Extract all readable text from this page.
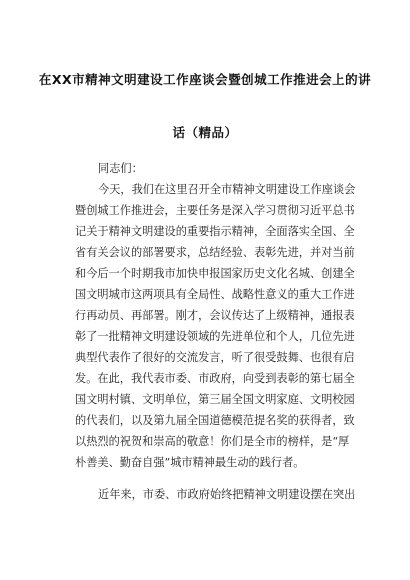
在XX市精神文明建设工作座谈会暨创城工作推进会上的讲
话（精品）
同志们：
今天，我们在这里召开全市精神文明建设工作座谈会
暨创城工作推进会，主要任务是深入学习贯彻习近平总书
记关于精神文明建设的重要指示精神，全面落实全国、全
省有关会议的部署要求，总结经验、表彰先进，并对当前
和今后一个时期我市加快申报国家历史文化名城、创建全
国文明城市这两项具有全局性、战略性意义的重大工作进
行再动员、再部署。刚才，会议传达了上级精神，通报表
彰了一批精神文明建设领域的先进单位和个人，几位先进
典型代表作了很好的交流发言，听了很受鼓舞、也很有启
发。在此，我代表市委、市政府，向受到表彰的第七届全
国文明村镇、文明单位，第三届全国文明家庭、文明校园
的代表们，以及第九届全国道德模范提名奖的获得者，致
以热烈的祝贺和崇高的敬意！你们是全市的榜样，是“厚
朴善美、勤奋自强”城市精神最生动的践行者。
近年来，市委、市政府始终把精神文明建设摆在突出
